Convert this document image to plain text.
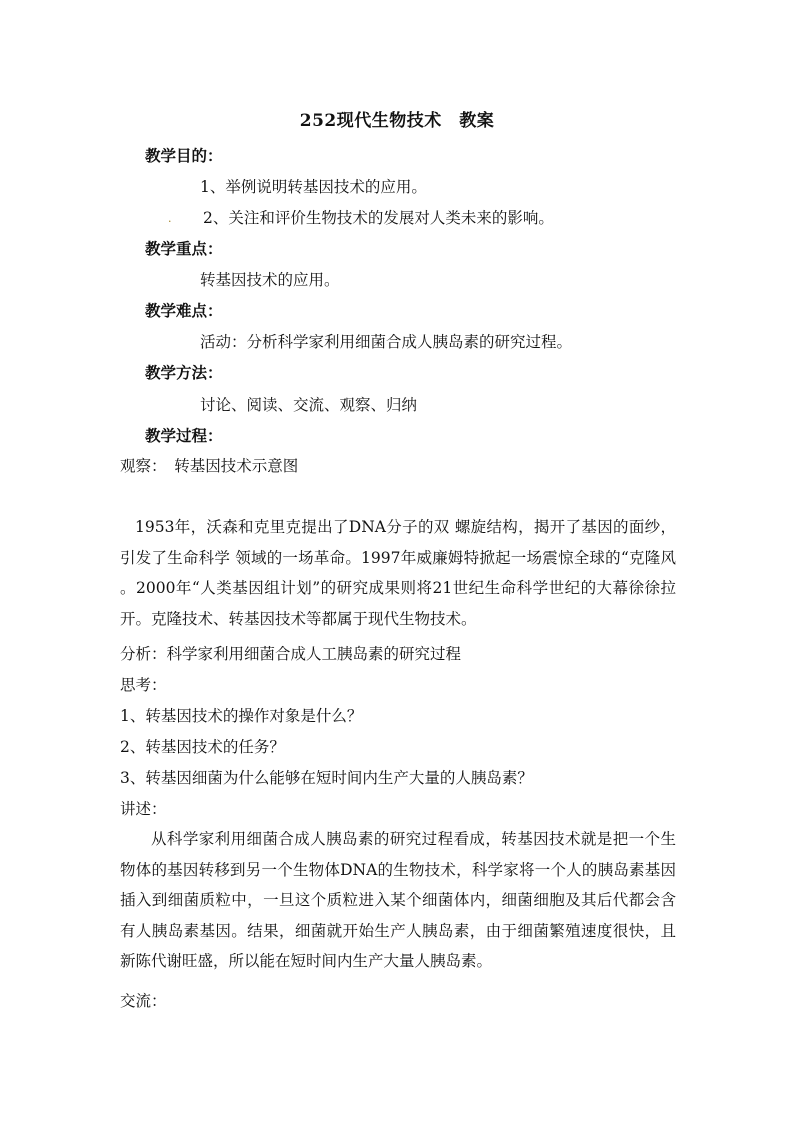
252现代生物技术　教案
教学目的：
1、举例说明转基因技术的应用。
. 2、关注和评价生物技术的发展对人类未来的影响。
教学重点：
转基因技术的应用。
教学难点：
活动：分析科学家利用细菌合成人胰岛素的研究过程。
教学方法：
讨论、阅读、交流、观察、归纳
教学过程：
观察：　转基因技术示意图
1953年，沃森和克里克提出了DNA分子的双 螺旋结构，揭开了基因的面纱，引发了生命科学 领域的一场革命。1997年威廉姆特掀起一场震惊全球的“克隆风 。2000年“人类基因组计划”的研究成果则将21世纪生命科学世纪的大幕徐徐拉开。克隆技术、转基因技术等都属于现代生物技术。
分析：科学家利用细菌合成人工胰岛素的研究过程
思考：
1、转基因技术的操作对象是什么？
2、转基因技术的任务？
3、转基因细菌为什么能够在短时间内生产大量的人胰岛素？
讲述：
从科学家利用细菌合成人胰岛素的研究过程看成，转基因技术就是把一个生物体的基因转移到另一个生物体DNA的生物技术，科学家将一个人的胰岛素基因插入到细菌质粒中，一旦这个质粒进入某个细菌体内，细菌细胞及其后代都会含有人胰岛素基因。结果，细菌就开始生产人胰岛素，由于细菌繁殖速度很快，且新陈代谢旺盛，所以能在短时间内生产大量人胰岛素。
交流：
